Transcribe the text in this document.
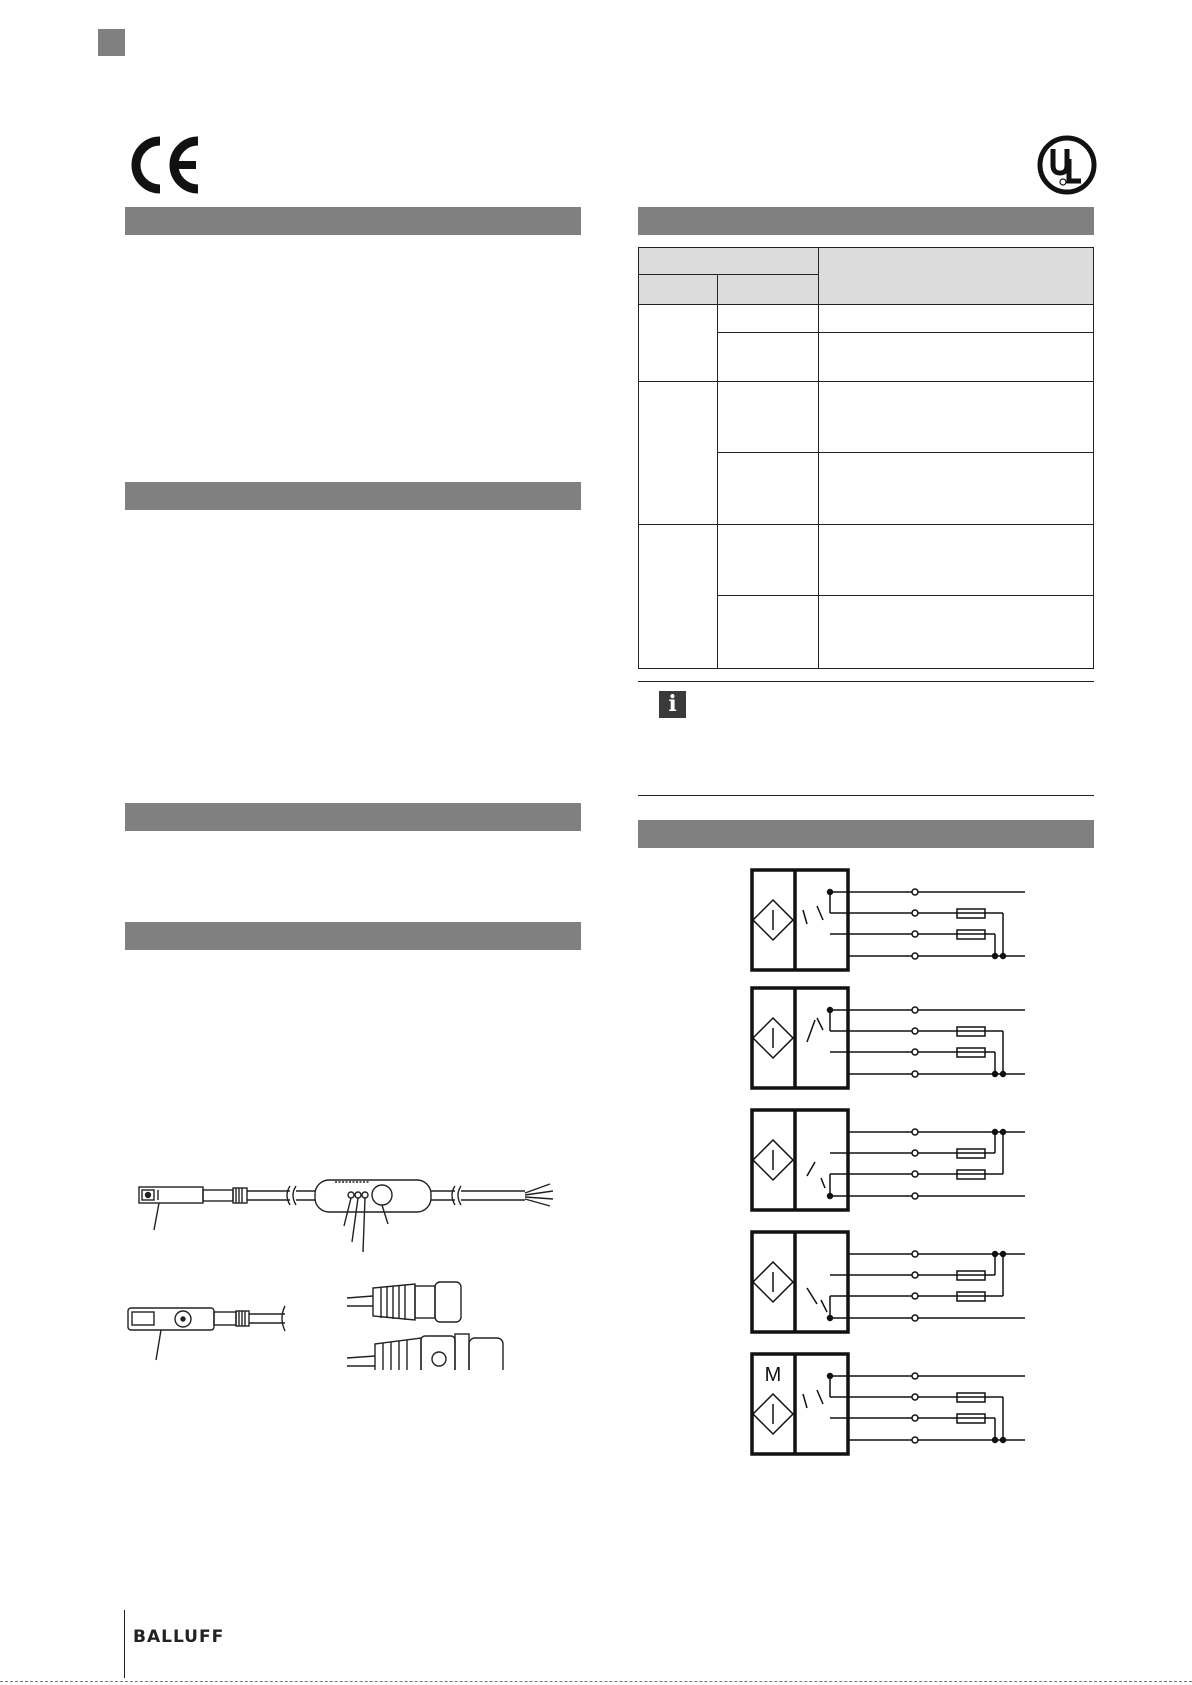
i
M
BALLUFF
